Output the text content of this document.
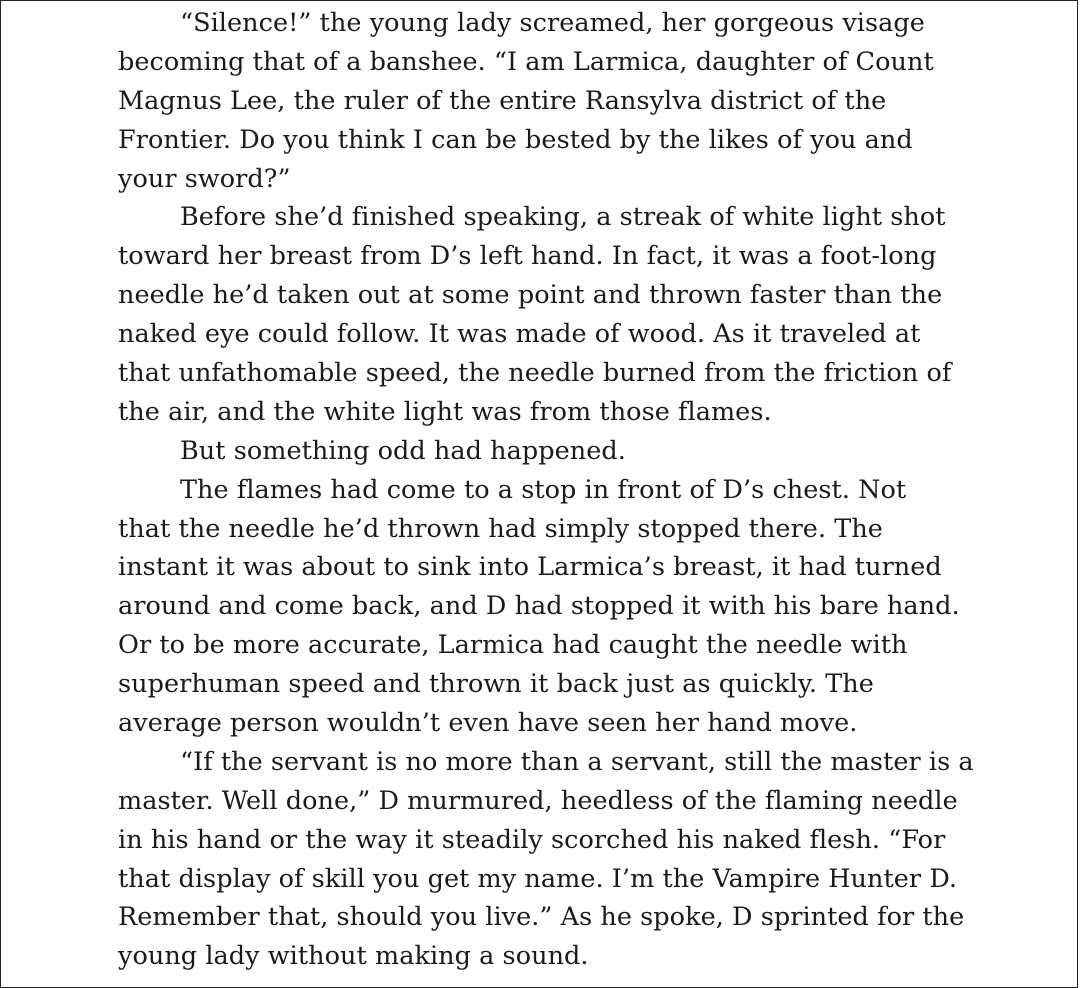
“Silence!” the young lady screamed, her gorgeous visage
becoming that of a banshee. “I am Larmica, daughter of Count
Magnus Lee, the ruler of the entire Ransylva district of the
Frontier. Do you think I can be bested by the likes of you and
your sword?”
Before she’d finished speaking, a streak of white light shot
toward her breast from D’s left hand. In fact, it was a foot-long
needle he’d taken out at some point and thrown faster than the
naked eye could follow. It was made of wood. As it traveled at
that unfathomable speed, the needle burned from the friction of
the air, and the white light was from those flames.
But something odd had happened.
The flames had come to a stop in front of D’s chest. Not
that the needle he’d thrown had simply stopped there. The
instant it was about to sink into Larmica’s breast, it had turned
around and come back, and D had stopped it with his bare hand.
Or to be more accurate, Larmica had caught the needle with
superhuman speed and thrown it back just as quickly. The
average person wouldn’t even have seen her hand move.
“If the servant is no more than a servant, still the master is a
master. Well done,” D murmured, heedless of the flaming needle
in his hand or the way it steadily scorched his naked flesh. “For
that display of skill you get my name. I’m the Vampire Hunter D.
Remember that, should you live.” As he spoke, D sprinted for the
young lady without making a sound.
